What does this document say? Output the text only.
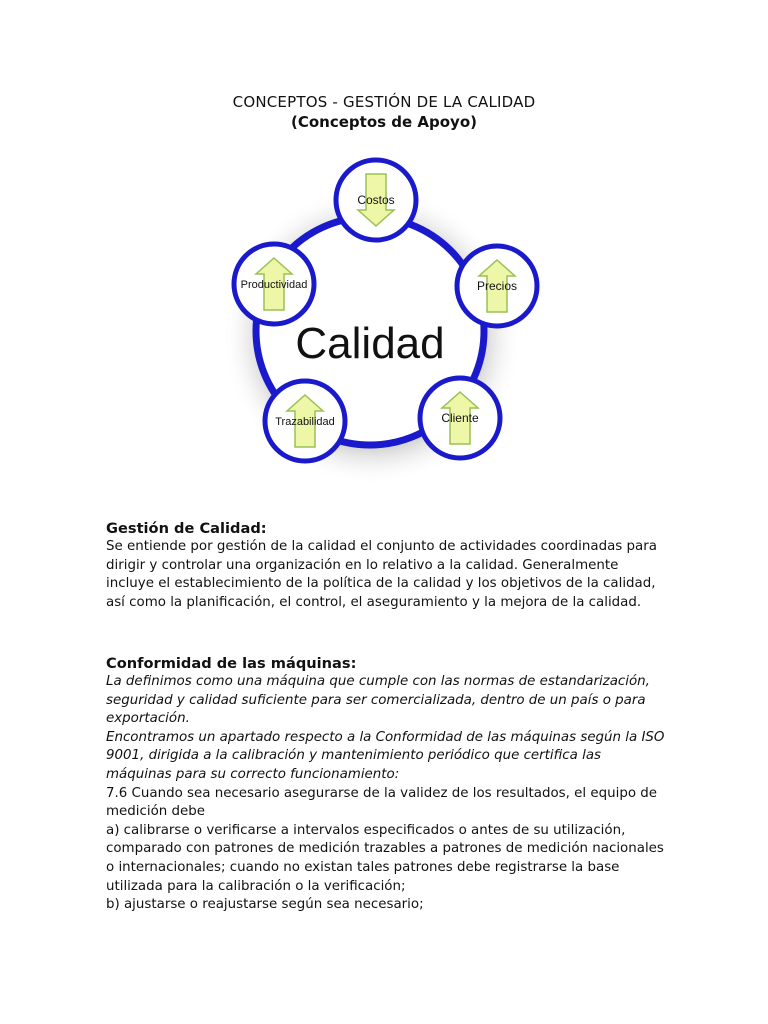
CONCEPTOS - GESTIÓN DE LA CALIDAD
(Conceptos de Apoyo)
Calidad
Costos
Precios
Cliente
Trazabilidad
Productividad
Gestión de Calidad:

Se entiende por gestión de la calidad el conjunto de actividades coordinadas para dirigir y controlar una organización en lo relativo a la calidad. Generalmente incluye el establecimiento de la política de la calidad y los objetivos de la calidad, así como la planificación, el control, el aseguramiento y la mejora de la calidad.

Conformidad de las máquinas:

La definimos como una máquina que cumple con las normas de estandarización, seguridad y calidad suficiente para ser comercializada, dentro de un país o para exportación.

Encontramos un apartado respecto a la Conformidad de las máquinas según la ISO 9001, dirigida a la calibración y mantenimiento periódico que certifica las máquinas para su correcto funcionamiento:

7.6 Cuando sea necesario asegurarse de la validez de los resultados, el equipo de medición debe

a) calibrarse o verificarse a intervalos especificados o antes de su utilización, comparado con patrones de medición trazables a patrones de medición nacionales o internacionales; cuando no existan tales patrones debe registrarse la base utilizada para la calibración o la verificación;

b) ajustarse o reajustarse según sea necesario;
